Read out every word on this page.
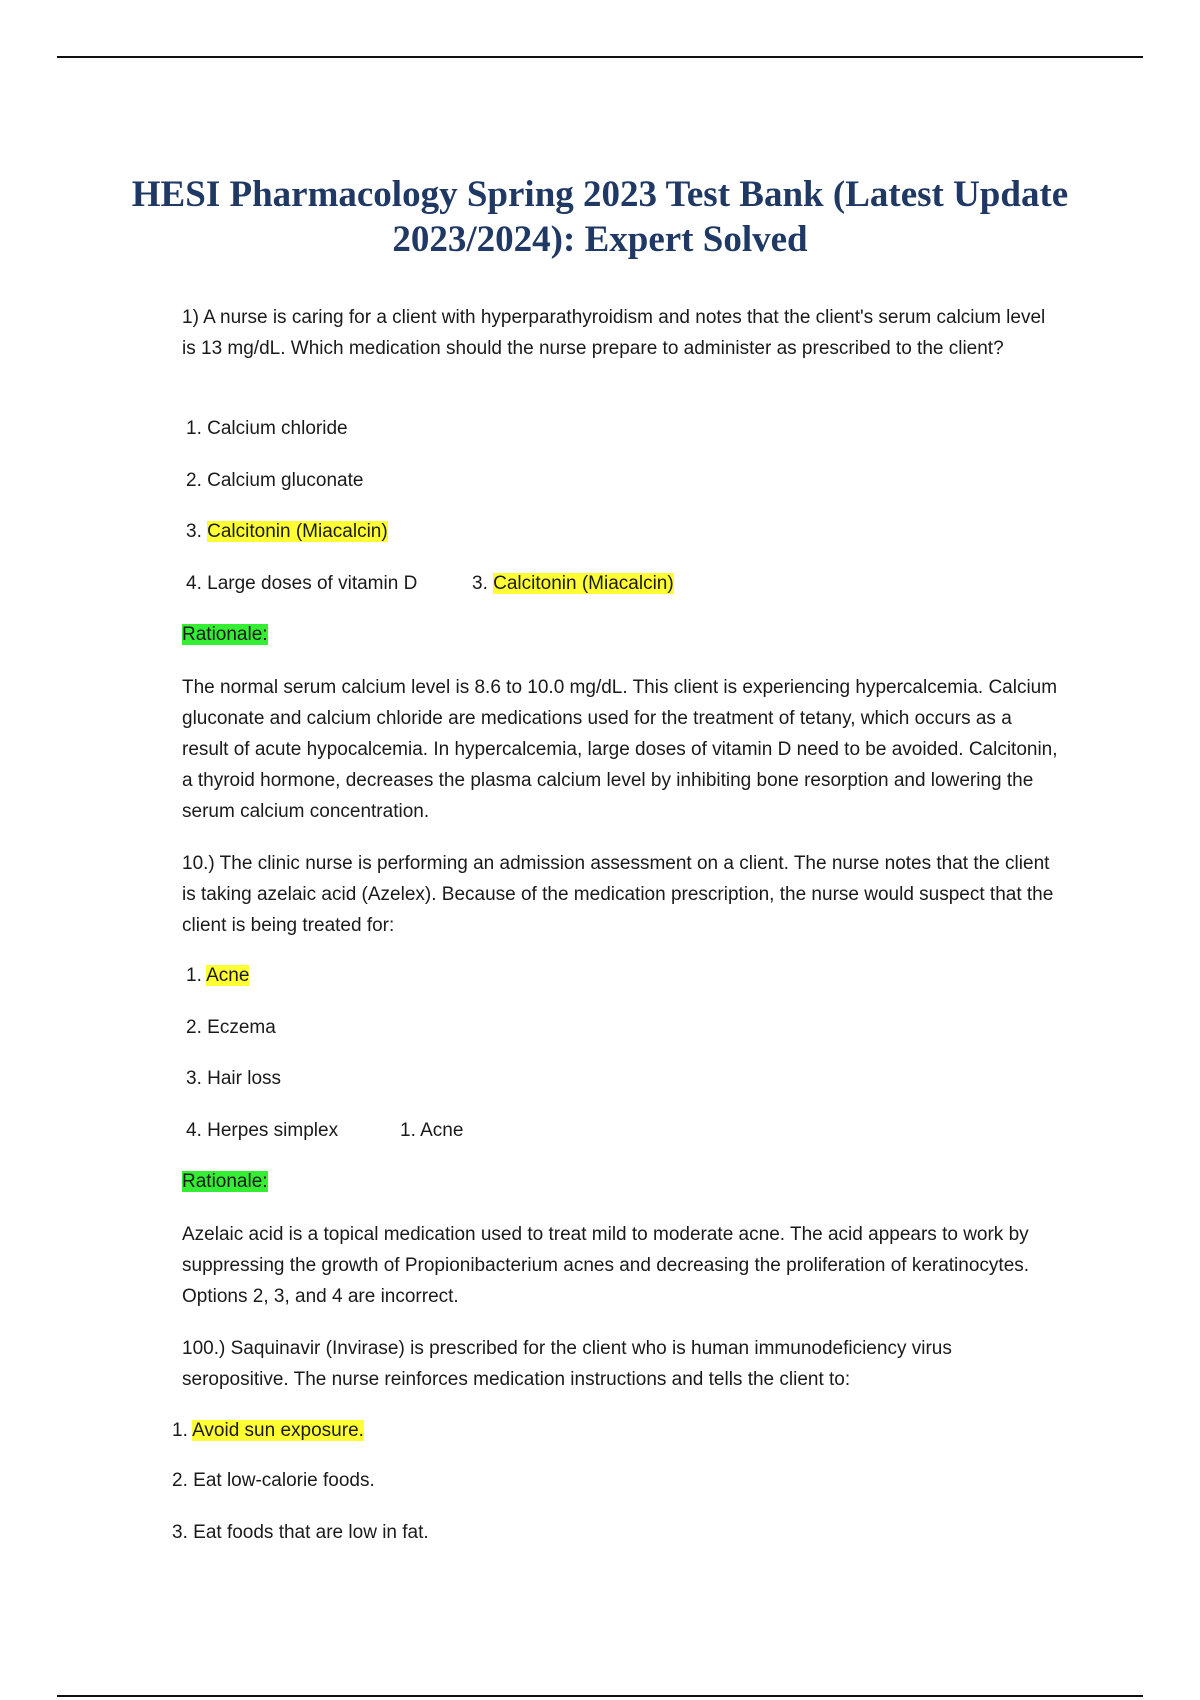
HESI Pharmacology Spring 2023 Test Bank (Latest Update 2023/2024): Expert Solved
1) A nurse is caring for a client with hyperparathyroidism and notes that the client's serum calcium level is 13 mg/dL. Which medication should the nurse prepare to administer as prescribed to the client?
1. Calcium chloride
2. Calcium gluconate
3. Calcitonin (Miacalcin)
4. Large doses of vitamin D	3. Calcitonin (Miacalcin)
Rationale:
The normal serum calcium level is 8.6 to 10.0 mg/dL. This client is experiencing hypercalcemia. Calcium gluconate and calcium chloride are medications used for the treatment of tetany, which occurs as a result of acute hypocalcemia. In hypercalcemia, large doses of vitamin D need to be avoided. Calcitonin, a thyroid hormone, decreases the plasma calcium level by inhibiting bone resorption and lowering the serum calcium concentration.
10.) The clinic nurse is performing an admission assessment on a client. The nurse notes that the client is taking azelaic acid (Azelex). Because of the medication prescription, the nurse would suspect that the client is being treated for:
1. Acne
2. Eczema
3. Hair loss
4. Herpes simplex	1. Acne
Rationale:
Azelaic acid is a topical medication used to treat mild to moderate acne. The acid appears to work by suppressing the growth of Propionibacterium acnes and decreasing the proliferation of keratinocytes. Options 2, 3, and 4 are incorrect.
100.) Saquinavir (Invirase) is prescribed for the client who is human immunodeficiency virus seropositive. The nurse reinforces medication instructions and tells the client to:
1. Avoid sun exposure.
2. Eat low-calorie foods.
3. Eat foods that are low in fat.
